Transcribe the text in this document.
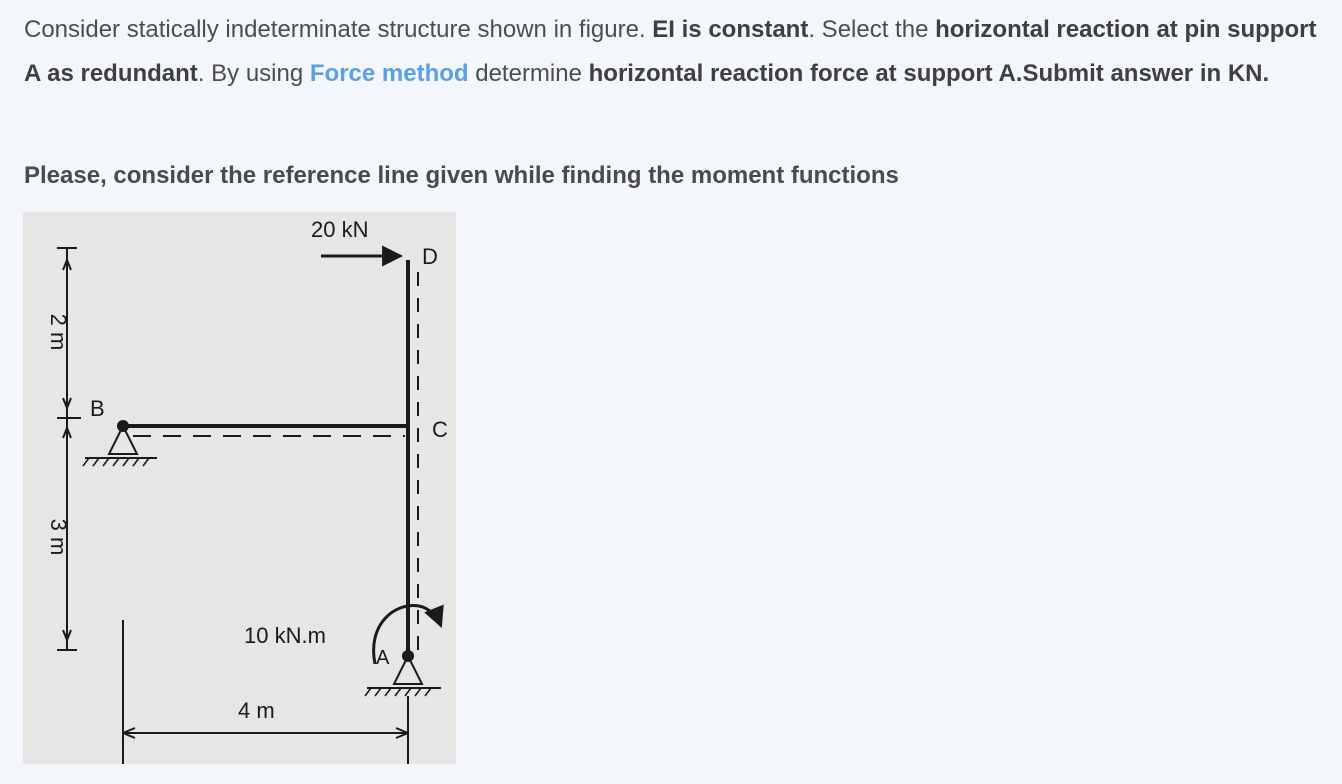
Consider statically indeterminate structure shown in figure. EI is constant. Select the horizontal reaction at pin support A as redundant. By using Force method determine horizontal reaction force at support A.Submit answer in KN.
Please, consider the reference line given while finding the moment functions
2 m
3 m
B
A
10 kN.m
20 kN
C
D
4 m
